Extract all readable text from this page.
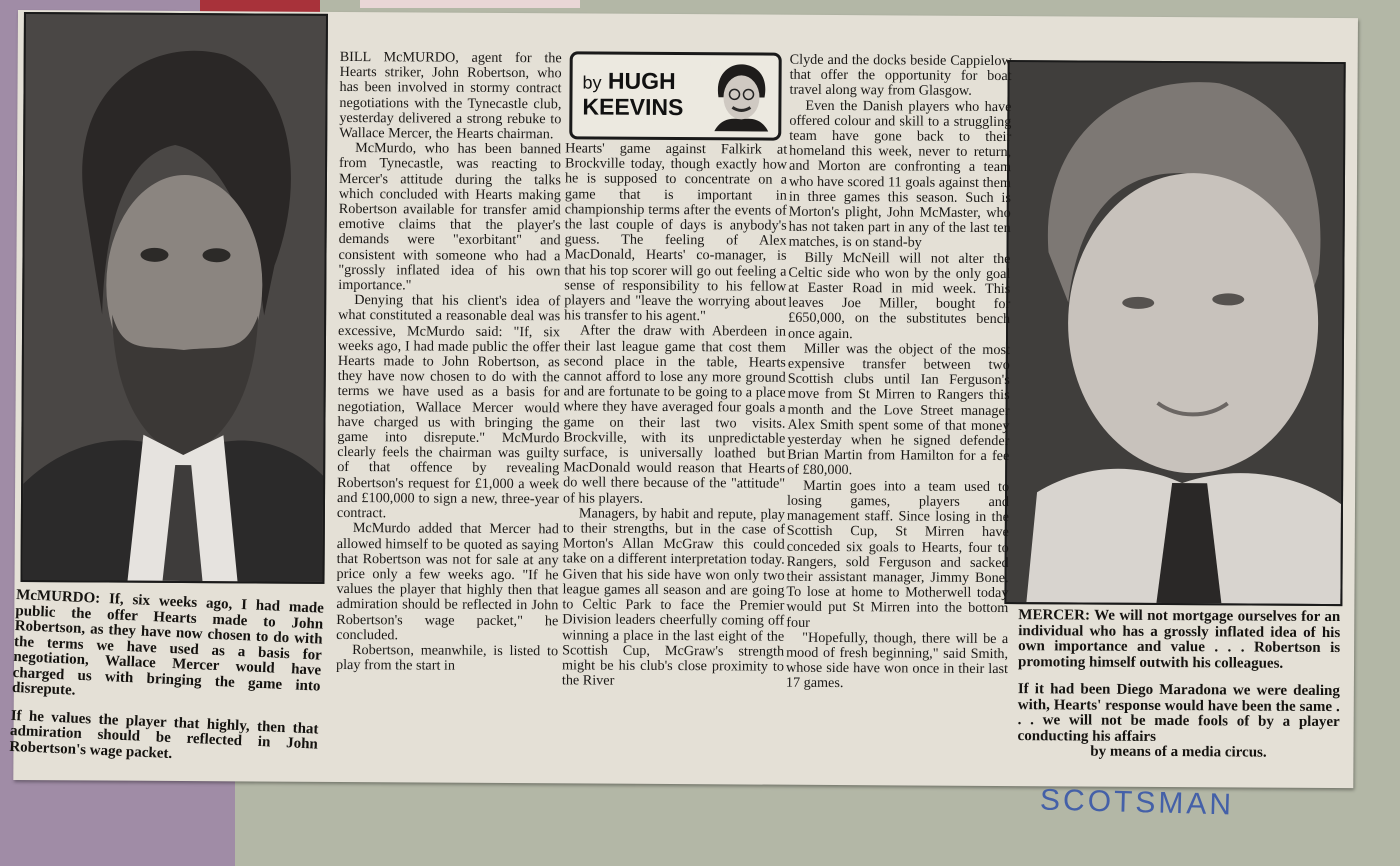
BILL McMURDO, agent for the Hearts striker, John Robertson, who has been involved in stormy contract negotiations with the Tynecastle club, yesterday delivered a strong rebuke to Wallace Mercer, the Hearts chairman.

McMurdo, who has been banned from Tynecastle, was reacting to Mercer's attitude during the talks which concluded with Hearts making Robertson available for transfer amid emotive claims that the player's demands were "exorbitant" and consistent with someone who had a "grossly inflated idea of his own importance."

Denying that his client's idea of what constituted a reasonable deal was excessive, McMurdo said: "If, six weeks ago, I had made public the offer Hearts made to John Robertson, as they have now chosen to do with the terms we have used as a basis for negotiation, Wallace Mercer would have charged us with bringing the game into disrepute." McMurdo clearly feels the chairman was guilty of that offence by revealing Robertson's request for £1,000 a week and £100,000 to sign a new, three-year contract.

McMurdo added that Mercer had allowed himself to be quoted as saying that Robertson was not for sale at any price only a few weeks ago. "If he values the player that highly then that admiration should be reflected in John Robertson's wage packet," he concluded.

Robertson, meanwhile, is listed to play from the start in

by HUGH
KEEVINS

Hearts' game against Falkirk at Brockville today, though exactly how he is supposed to concentrate on a game that is important in championship terms after the events of the last couple of days is anybody's guess. The feeling of Alex MacDonald, Hearts' co-manager, is that his top scorer will go out feeling a sense of responsibility to his fellow players and "leave the worrying about his transfer to his agent."

After the draw with Aberdeen in their last league game that cost them second place in the table, Hearts cannot afford to lose any more ground and are fortunate to be going to a place where they have averaged four goals a game on their last two visits. Brockville, with its unpredictable surface, is universally loathed but MacDonald would reason that Hearts do well there because of the "attitude" of his players.

Managers, by habit and repute, play to their strengths, but in the case of Morton's Allan McGraw this could take on a different interpretation today. Given that his side have won only two league games all season and are going to Celtic Park to face the Premier Division leaders cheerfully coming off winning a place in the last eight of the Scottish Cup, McGraw's strength might be his club's close proximity to the River

Clyde and the docks beside Cappielow that offer the opportunity for boat travel along way from Glasgow.

Even the Danish players who have offered colour and skill to a struggling team have gone back to their homeland this week, never to return, and Morton are confronting a team who have scored 11 goals against them in three games this season. Such is Morton's plight, John McMaster, who has not taken part in any of the last ten matches, is on stand-by

Billy McNeill will not alter the Celtic side who won by the only goal at Easter Road in mid week. This leaves Joe Miller, bought for £650,000, on the substitutes bench once again.

Miller was the object of the most expensive transfer between two Scottish clubs until Ian Ferguson's move from St Mirren to Rangers this month and the Love Street manager Alex Smith spent some of that money yesterday when he signed defender Brian Martin from Hamilton for a fee of £80,000.

Martin goes into a team used to losing games, players and management staff. Since losing in the Scottish Cup, St Mirren have conceded six goals to Hearts, four to Rangers, sold Ferguson and sacked their assistant manager, Jimmy Bone. To lose at home to Motherwell today would put St Mirren into the bottom four

"Hopefully, though, there will be a mood of fresh beginning," said Smith, whose side have won once in their last 17 games.

McMURDO: If, six weeks ago, I had made public the offer Hearts made to John Robertson, as they have now chosen to do with the terms we have used as a basis for negotiation, Wallace Mercer would have charged us with bringing the game into disrepute.

If he values the player that highly, then that admiration should be reflected in John Robertson's wage packet.

MERCER: We will not mortgage ourselves for an individual who has a grossly inflated idea of his own importance and value . . . Robertson is promoting himself outwith his colleagues.

If it had been Diego Maradona we were dealing with, Hearts' response would have been the same . . . we will not be made fools of by a player conducting his affairs
by means of a media circus.

SCOTSMAN
